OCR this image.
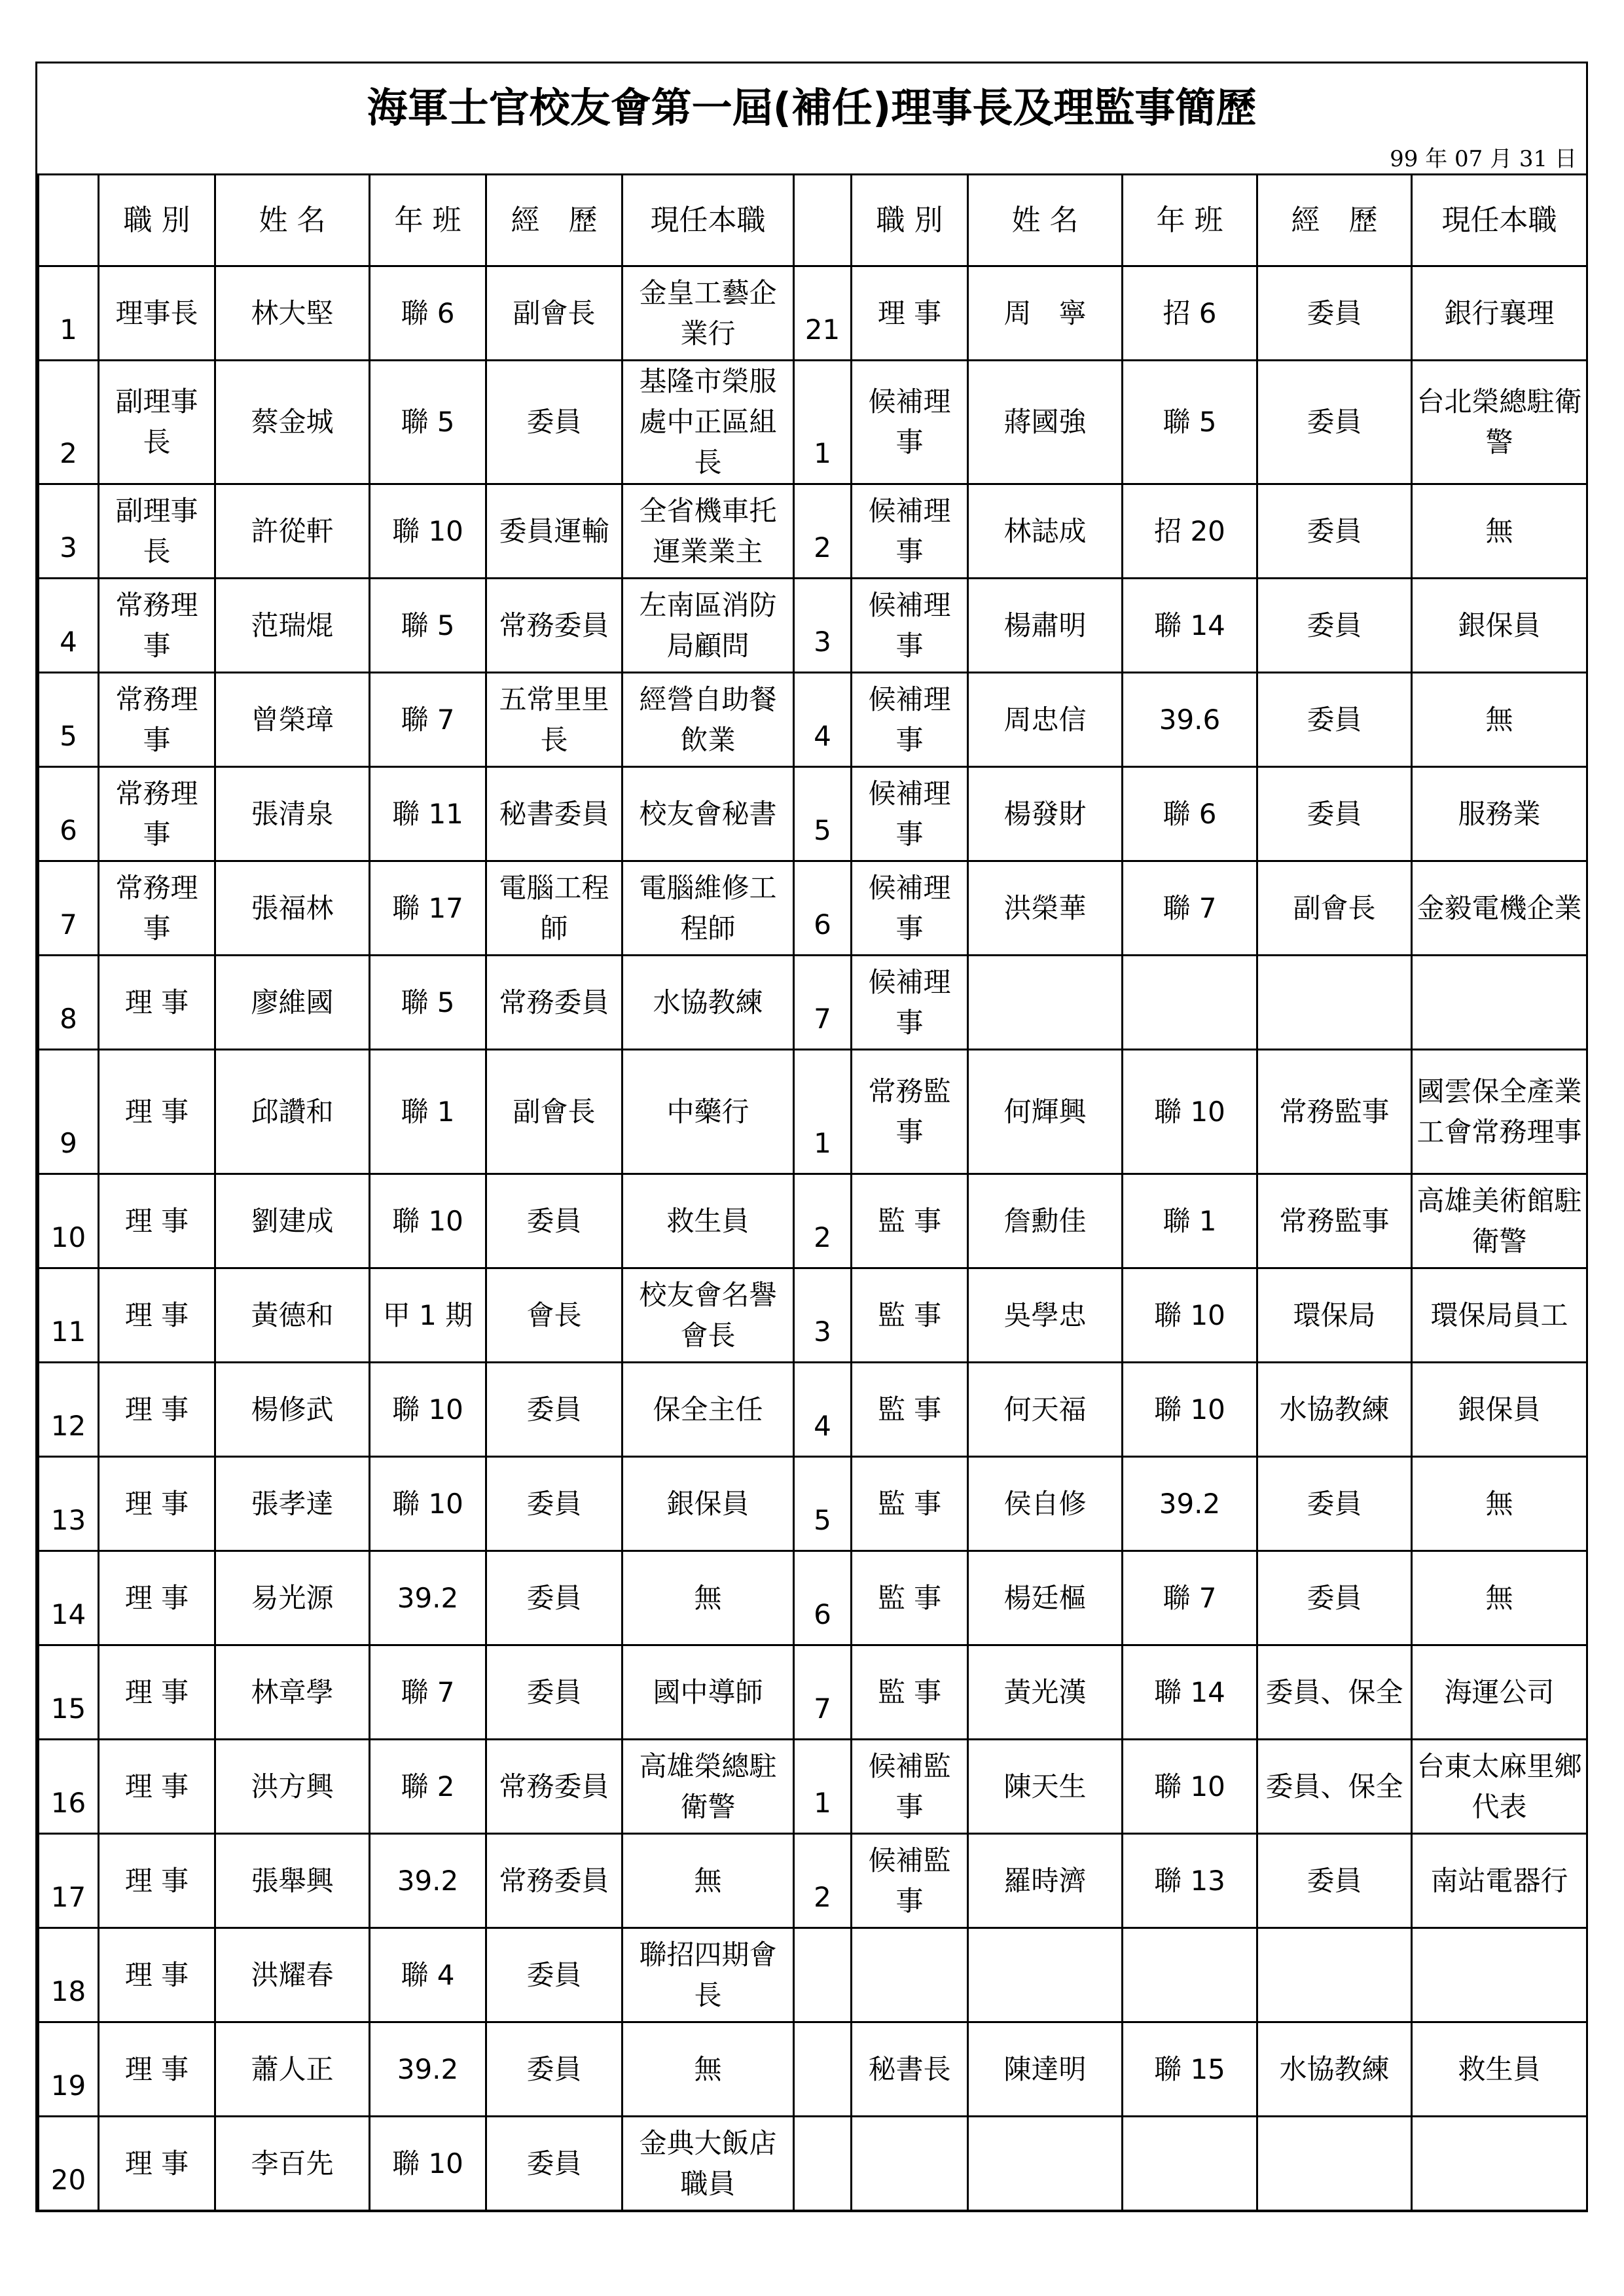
海軍士官校友會第一屆(補任)理事長及理監事簡歷
99 年 07 月 31 日
	職 別	姓 名	年 班	經　歷	現任本職		職 別	姓 名	年 班	經　歷	現任本職
1	理事長	林大堅	聯 6	副會長	金皇工藝企業行	21	理 事	周　寧	招 6	委員	銀行襄理
2	副理事長	蔡金城	聯 5	委員	基隆市榮服處中正區組長	1	候補理事	蔣國強	聯 5	委員	台北榮總駐衛警
3	副理事長	許從軒	聯 10	委員運輸	全省機車托運業業主	2	候補理事	林誌成	招 20	委員	無
4	常務理事	范瑞焜	聯 5	常務委員	左南區消防局顧問	3	候補理事	楊肅明	聯 14	委員	銀保員
5	常務理事	曾榮璋	聯 7	五常里里　長	經營自助餐飲業	4	候補理事	周忠信	39.6	委員	無
6	常務理事	張清泉	聯 11	秘書委員	校友會秘書	5	候補理事	楊發財	聯 6	委員	服務業
7	常務理事	張福林	聯 17	電腦工程師	電腦維修工程師	6	候補理事	洪榮華	聯 7	副會長	金毅電機企業
8	理 事	廖維國	聯 5	常務委員	水協教練	7	候補理事				
9	理 事	邱讚和	聯 1	副會長	中藥行	1	常務監事	何輝興	聯 10	常務監事	國雲保全產業工會常務理事
10	理 事	劉建成	聯 10	委員	救生員	2	監 事	詹勳佳	聯 1	常務監事	高雄美術館駐衛警
11	理 事	黃德和	甲 1 期	會長	校友會名譽會長	3	監 事	吳學忠	聯 10	環保局	環保局員工
12	理 事	楊修武	聯 10	委員	保全主任	4	監 事	何天福	聯 10	水協教練	銀保員
13	理 事	張孝達	聯 10	委員	銀保員	5	監 事	侯自修	39.2	委員	無
14	理 事	易光源	39.2	委員	無	6	監 事	楊廷樞	聯 7	委員	無
15	理 事	林章學	聯 7	委員	國中導師	7	監 事	黃光漢	聯 14	委員、保全	海運公司
16	理 事	洪方興	聯 2	常務委員	高雄榮總駐衛警	1	候補監事	陳天生	聯 10	委員、保全	台東太麻里鄉代表
17	理 事	張舉興	39.2	常務委員	無	2	候補監事	羅時濟	聯 13	委員	南站電器行
18	理 事	洪耀春	聯 4	委員	聯招四期會長						
19	理 事	蕭人正	39.2	委員	無		秘書長	陳達明	聯 15	水協教練	救生員
20	理 事	李百先	聯 10	委員	金典大飯店職員						
